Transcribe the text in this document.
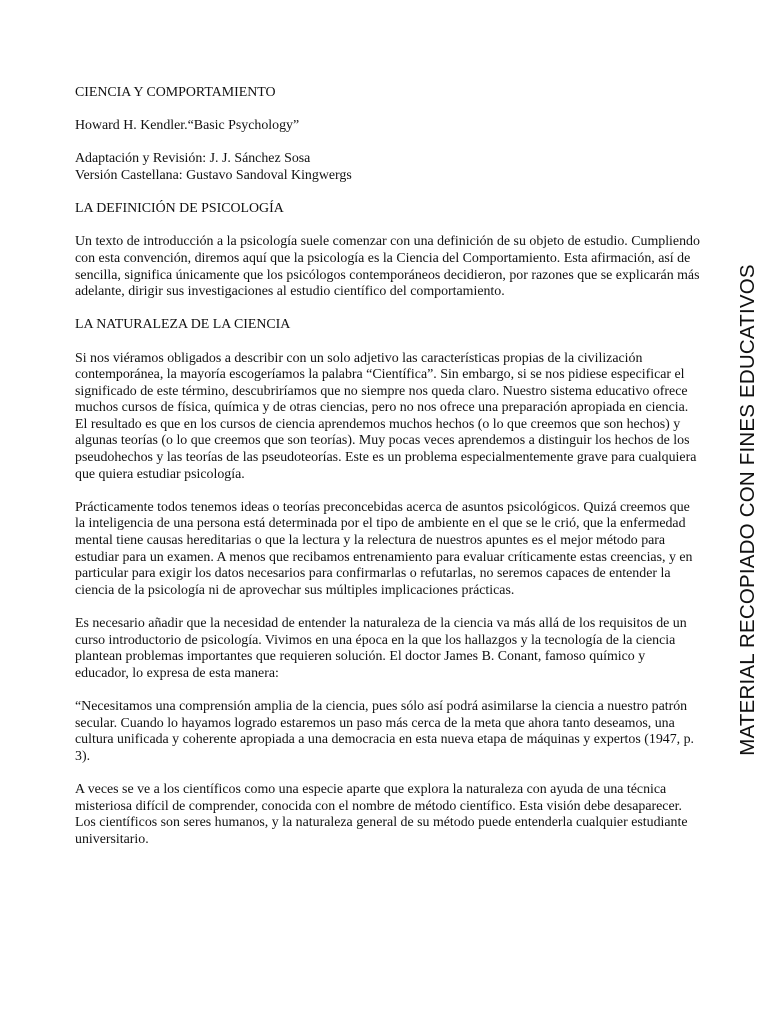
CIENCIA Y COMPORTAMIENTO

Howard H. Kendler.“Basic Psychology”

Adaptación y Revisión: J. J. Sánchez Sosa
Versión Castellana: Gustavo Sandoval Kingwergs

LA DEFINICIÓN DE PSICOLOGÍA

Un texto de introducción a la psicología suele comenzar con una definición de su objeto de estudio. Cumpliendo con esta convención, diremos aquí que la psicología es la Ciencia del Comportamiento. Esta afirmación, así de sencilla, significa únicamente que los psicólogos contemporáneos decidieron, por razones que se explicarán más adelante, dirigir sus investigaciones al estudio científico del comportamiento.

LA NATURALEZA DE LA CIENCIA

Si nos viéramos obligados a describir con un solo adjetivo las características propias de la civilización contemporánea, la mayoría escogeríamos la palabra “Científica”. Sin embargo, si se nos pidiese especificar el significado de este término, descubriríamos que no siempre nos queda claro. Nuestro sistema educativo ofrece muchos cursos de física, química y de otras ciencias, pero no nos ofrece una preparación apropiada en ciencia. El resultado es que en los cursos de ciencia aprendemos muchos hechos (o lo que creemos que son hechos) y algunas teorías (o lo que creemos que son teorías). Muy pocas veces aprendemos a distinguir los hechos de los pseudohechos y las teorías de las pseudoteorías. Este es un problema especialmentemente grave para cualquiera que quiera estudiar psicología.

Prácticamente todos tenemos ideas o teorías preconcebidas acerca de asuntos psicológicos. Quizá creemos que la inteligencia de una persona está determinada por el tipo de ambiente en el que se le crió, que la enfermedad mental tiene causas hereditarias o que la lectura y la relectura de nuestros apuntes es el mejor método para estudiar para un examen. A menos que recibamos entrenamiento para evaluar críticamente estas creencias, y en particular para exigir los datos necesarios para confirmarlas o refutarlas, no seremos capaces de entender la ciencia de la psicología ni de aprovechar sus múltiples implicaciones prácticas.

Es necesario añadir que la necesidad de entender la naturaleza de la ciencia va más allá de los requisitos de un curso introductorio de psicología. Vivimos en una época en la que los hallazgos y la tecnología de la ciencia plantean problemas importantes que requieren solución. El doctor James B. Conant, famoso químico y educador, lo expresa de esta manera:

“Necesitamos una comprensión amplia de la ciencia, pues sólo así podrá asimilarse la ciencia a nuestro patrón secular. Cuando lo hayamos logrado estaremos un paso más cerca de la meta que ahora tanto deseamos, una cultura unificada y coherente apropiada a una democracia en esta nueva etapa de máquinas y expertos (1947, p. 3).

A veces se ve a los científicos como una especie aparte que explora la naturaleza con ayuda de una técnica misteriosa difícil de comprender, conocida con el nombre de método científico. Esta visión debe desaparecer. Los científicos son seres humanos, y la naturaleza general de su método puede entenderla cualquier estudiante universitario.

MATERIAL RECOPIADO CON FINES EDUCATIVOS
